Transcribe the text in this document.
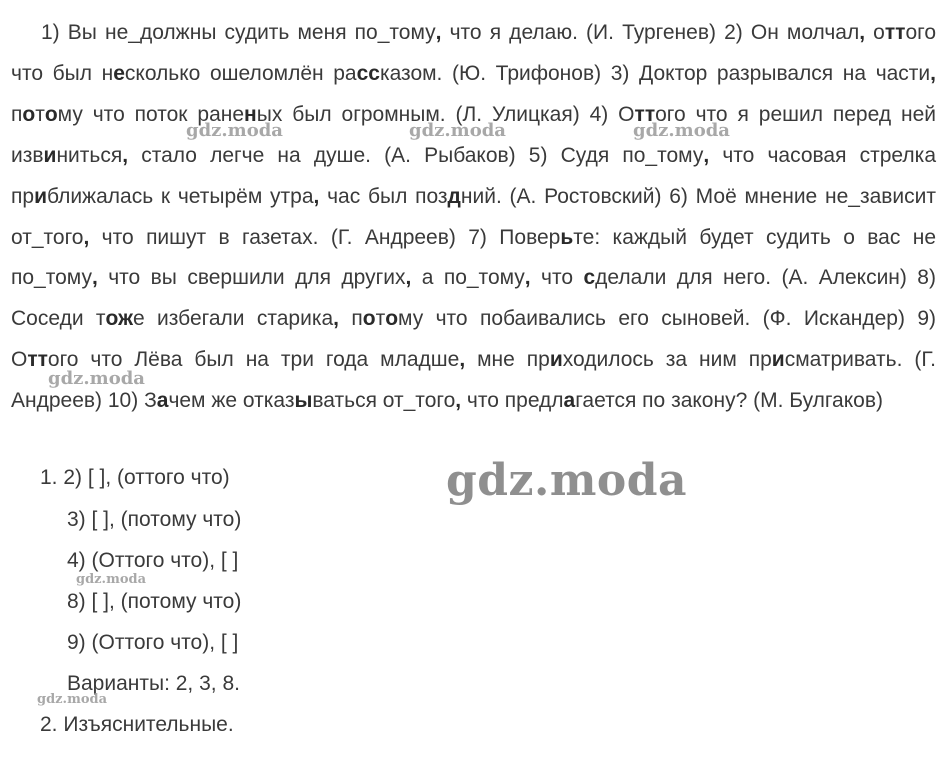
1) Вы не_должны судить меня по_тому, что я делаю. (И. Тургенев) 2) Он молчал, оттого что был несколько ошеломлён рассказом. (Ю. Трифонов) 3) Доктор разрывался на части, потому что поток раненых был огромным. (Л. Улицкая) 4) Оттого что я решил перед ней извиниться, стало легче на душе. (А. Рыбаков) 5) Судя по_тому, что часовая стрелка приближалась к четырём утра, час был поздний. (А. Ростовский) 6) Моё мнение не_зависит от_того, что пишут в газетах. (Г. Андреев) 7) Поверьте: каждый будет судить о вас не по_тому, что вы свершили для других, а по_тому, что сделали для него. (А. Алексин) 8) Соседи тоже избегали старика, потому что побаивались его сыновей. (Ф. Искандер) 9) Оттого что Лёва был на три года младше, мне приходилось за ним присматривать. (Г. Андреев) 10) Зачем же отказываться от_того, что предлагается по закону? (М. Булгаков)

1. 2) [ ], (оттого что)
3) [ ], (потому что)
4) (Оттого что), [ ]
8) [ ], (потому что)
9) (Оттого что), [ ]
Варианты: 2, 3, 8.
2. Изъяснительные.
gdz.moda	gdz.moda	gdz.moda
gdz.moda
gdz.moda
gdz.moda
gdz.moda
